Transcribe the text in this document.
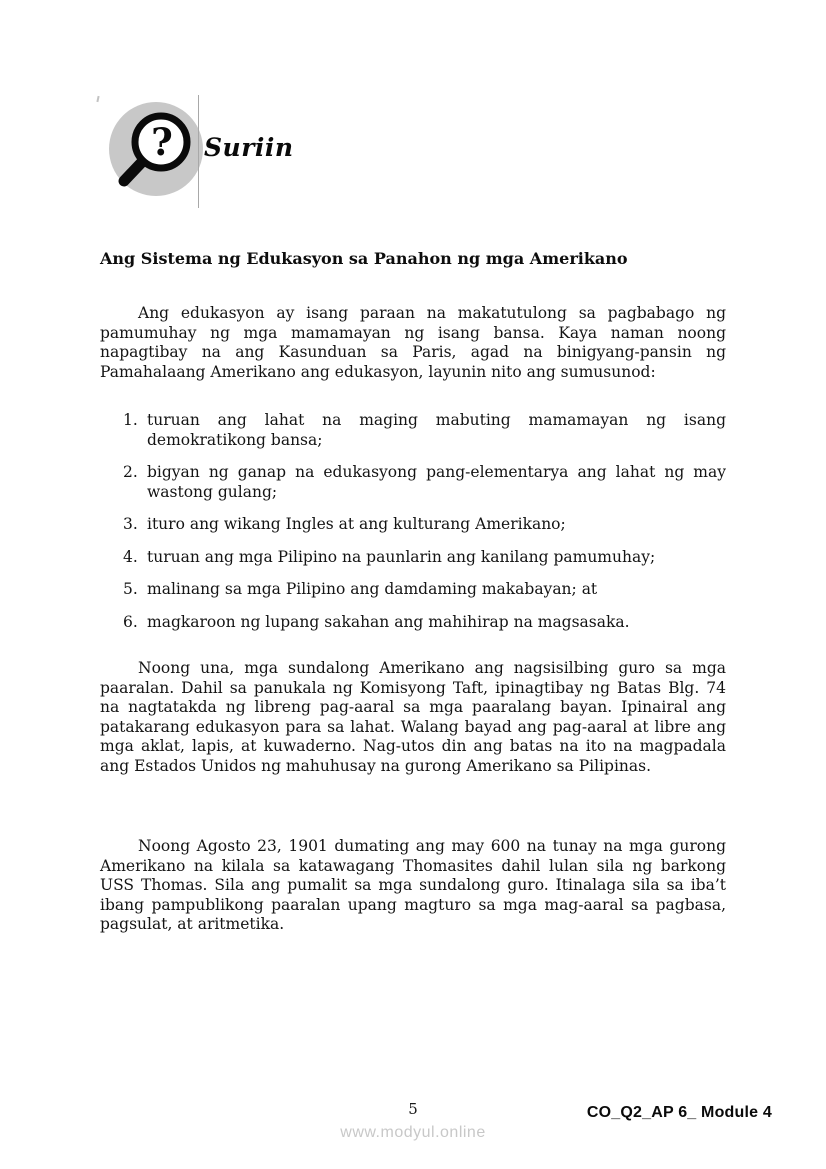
? Suriin
Ang Sistema ng Edukasyon sa Panahon ng mga Amerikano

Ang edukasyon ay isang paraan na makatutulong sa pagbabago ng pamumuhay ng mga mamamayan ng isang bansa. Kaya naman noong napagtibay na ang Kasunduan sa Paris, agad na binigyang-pansin ng Pamahalaang Amerikano ang edukasyon, layunin nito ang sumusunod:

1. turuan ang lahat na maging mabuting mamamayan ng isang demokratikong bansa;
2. bigyan ng ganap na edukasyong pang-elementarya ang lahat ng may wastong gulang;
3. ituro ang wikang Ingles at ang kulturang Amerikano;
4. turuan ang mga Pilipino na paunlarin ang kanilang pamumuhay;
5. malinang sa mga Pilipino ang damdaming makabayan; at
6. magkaroon ng lupang sakahan ang mahihirap na magsasaka.

Noong una, mga sundalong Amerikano ang nagsisilbing guro sa mga paaralan. Dahil sa panukala ng Komisyong Taft, ipinagtibay ng Batas Blg. 74 na nagtatakda ng libreng pag-aaral sa mga paaralang bayan. Ipinairal ang patakarang edukasyon para sa lahat. Walang bayad ang pag-aaral at libre ang mga aklat, lapis, at kuwaderno. Nag-utos din ang batas na ito na magpadala ang Estados Unidos ng mahuhusay na gurong Amerikano sa Pilipinas.

Noong Agosto 23, 1901 dumating ang may 600 na tunay na mga gurong Amerikano na kilala sa katawagang Thomasites dahil lulan sila ng barkong USS Thomas. Sila ang pumalit sa mga sundalong guro. Itinalaga sila sa iba’t ibang pampublikong paaralan upang magturo sa mga mag-aaral sa pagbasa, pagsulat, at aritmetika.

5
www.modyul.online
CO_Q2_AP 6_ Module 4
